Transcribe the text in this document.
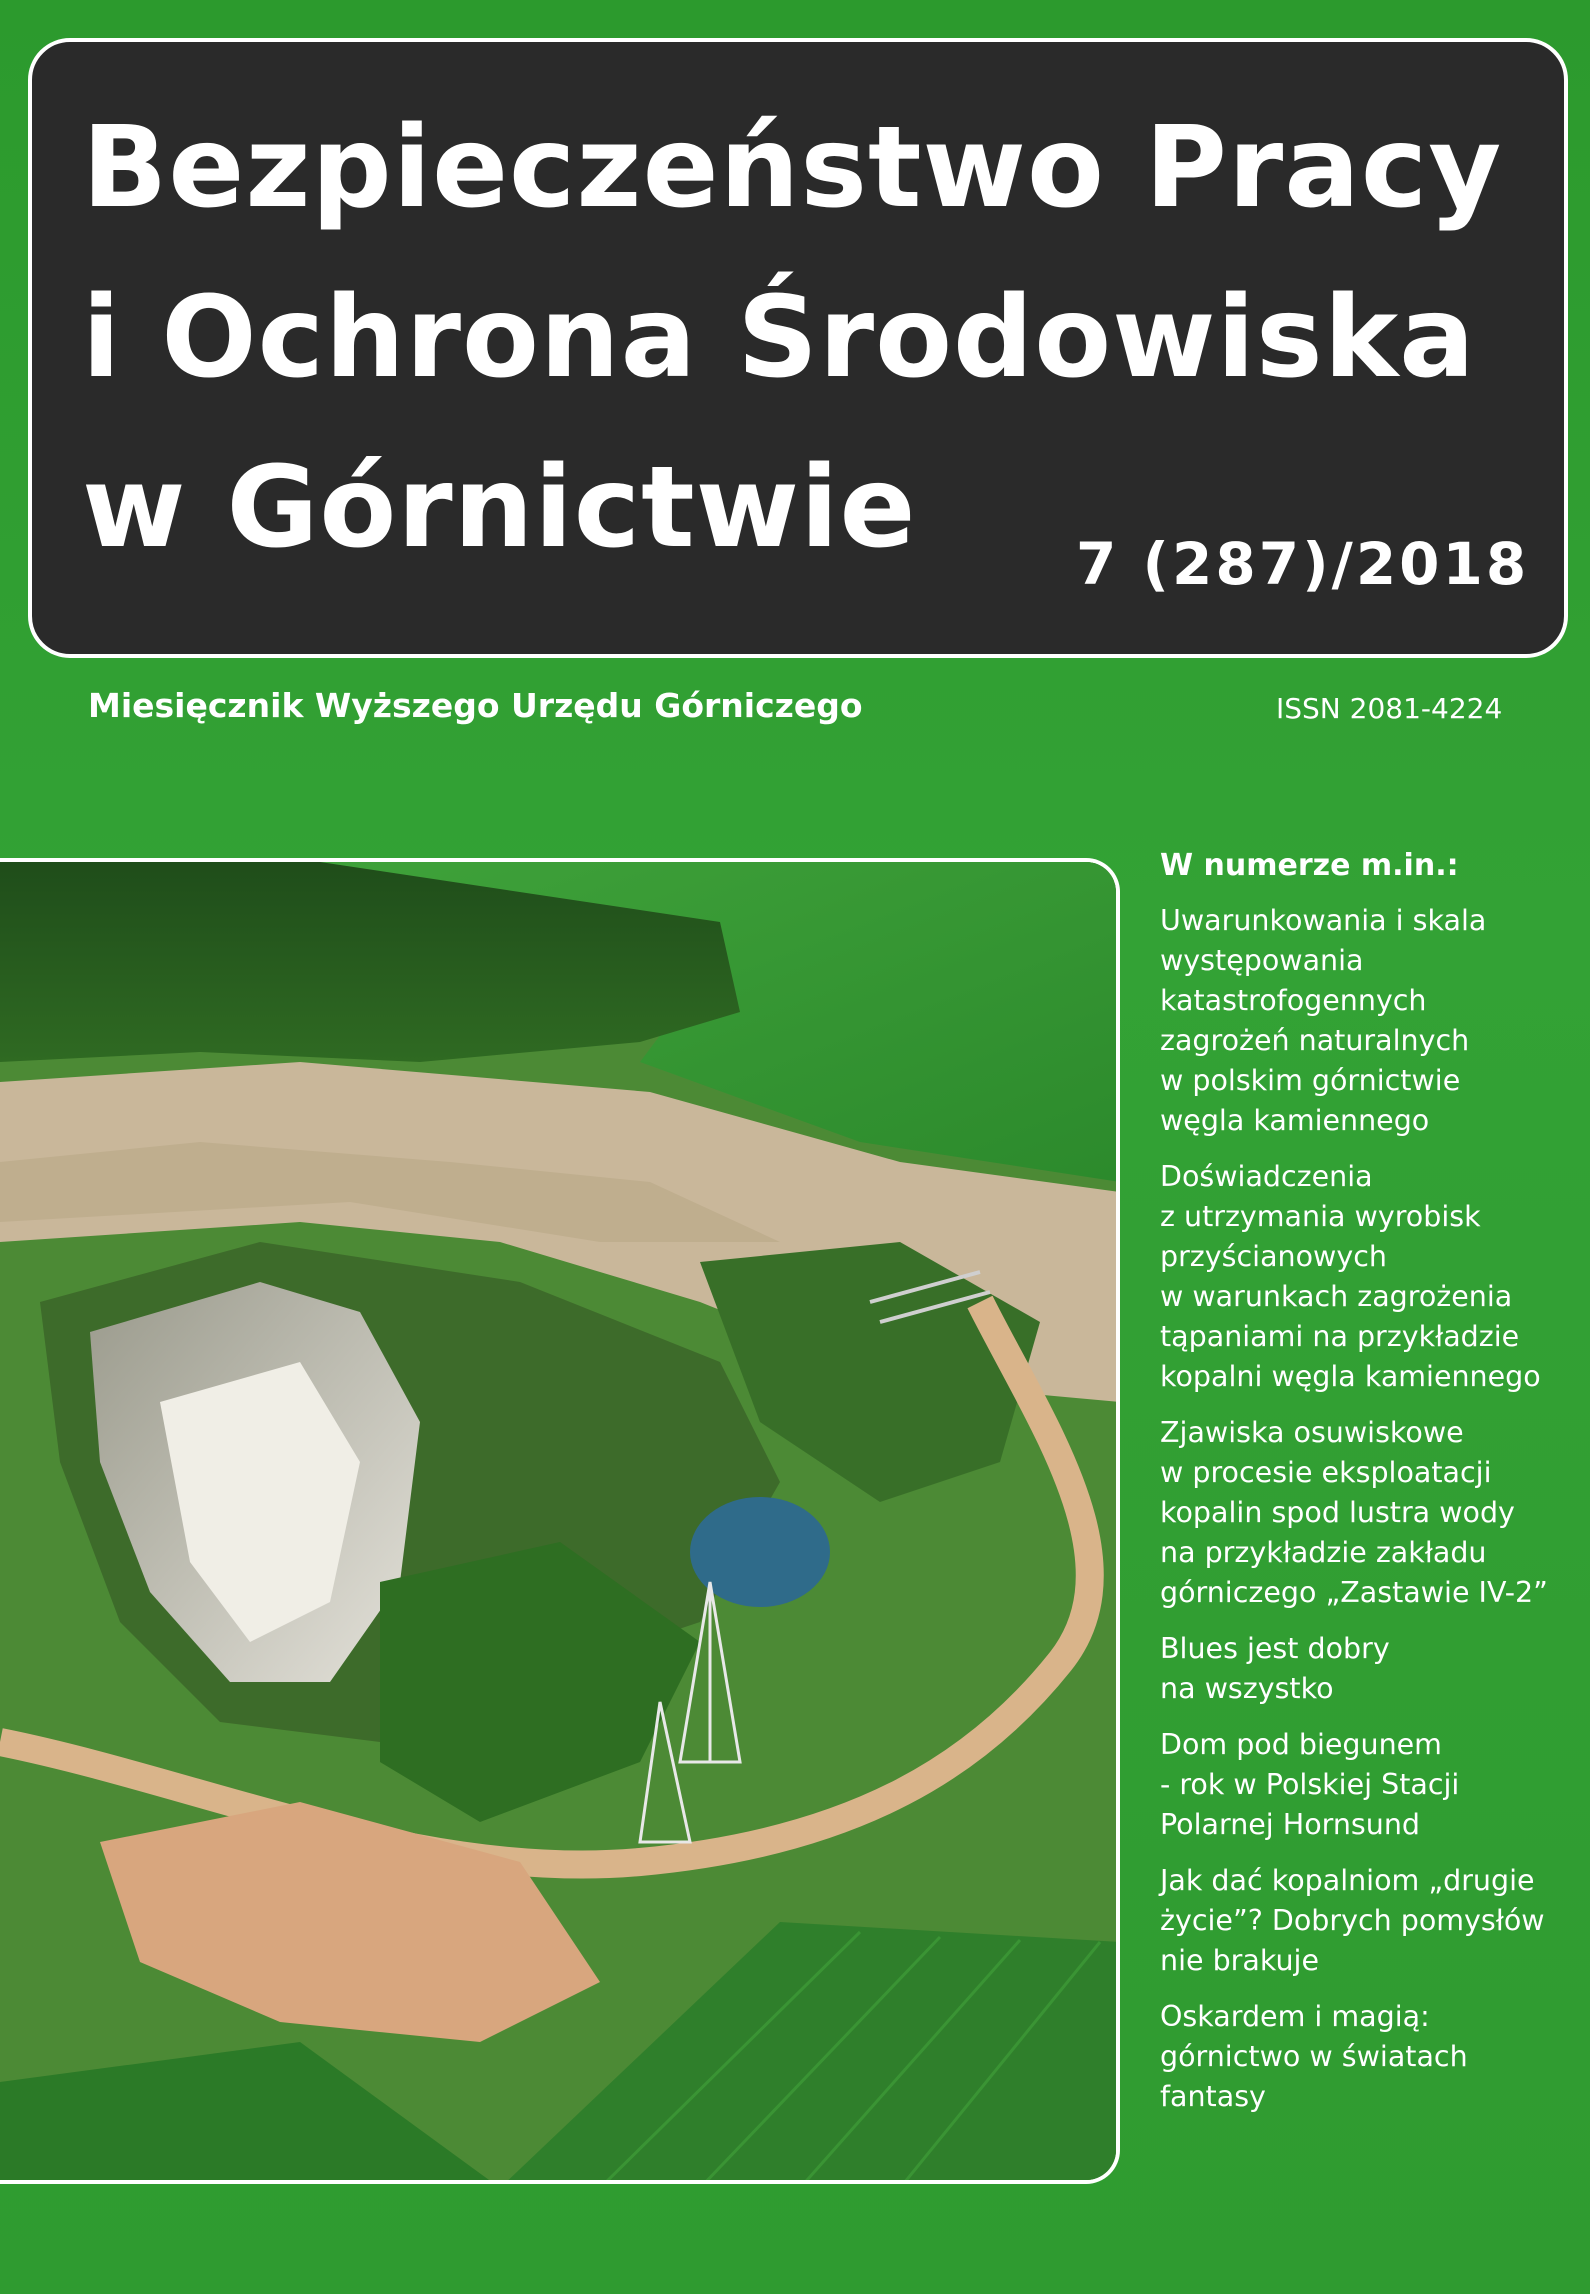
Bezpieczeństwo Pracy
i Ochrona Środowiska
w Górnictwie	7 (287)/2018
Miesięcznik Wyższego Urzędu Górniczego	ISSN 2081-4224
W numerze m.in.:
Uwarunkowania i skala
występowania
katastrofogennych
zagrożeń naturalnych
w polskim górnictwie
węgla kamiennego
Doświadczenia
z utrzymania wyrobisk
przyścianowych
w warunkach zagrożenia
tąpaniami na przykładzie
kopalni węgla kamiennego
Zjawiska osuwiskowe
w procesie eksploatacji
kopalin spod lustra wody
na przykładzie zakładu
górniczego „Zastawie IV-2”
Blues jest dobry
na wszystko
Dom pod biegunem
- rok w Polskiej Stacji
Polarnej Hornsund
Jak dać kopalniom „drugie
życie”? Dobrych pomysłów
nie brakuje
Oskardem i magią:
górnictwo w światach
fantasy
